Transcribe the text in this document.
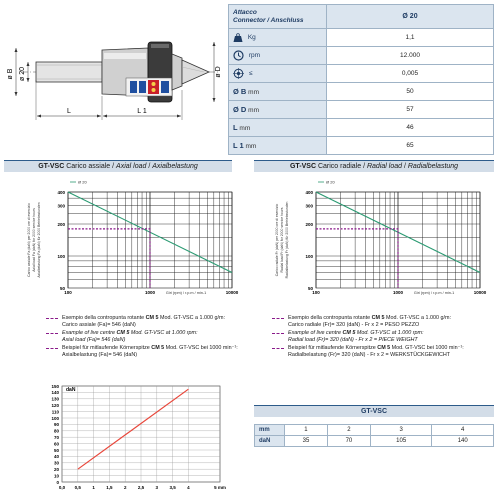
ø B ø 20	ø D
L	L 1
Attacco
Connector / Anschluss	Ø 20
Kg	1,1
rpm	12.000
≤	0,005
Ø B mm	50
Ø D mm	57
L mm	46
L 1 mm	65
GT-VSC Carico assiale / Axial load / Axialbelastung	GT-VSC Carico radiale / Radial load / Radialbelastung
50
100
200
300
400
100	1000	10000
Giri (rpm) / r.p.m / min-1
Carico assiale Fa (daN) per 2000 ore di esercizio Axial load Fa (daN) for 2000 service hours Axialbelastung Fa (daN) für 2000 Betriebsstunden
Ø 20
50
100
200
300
400
100	1000	10000
Giri (rpm) / r.p.m / min-1
Carico radiale Fr (daN) per 2000 ore di esercizio Radial load Fr (daN) for 2000 service hours Radialbelastung Fr (daN) für 2000 Betriebsstunden
Ø 20
0
10
20
30
40
50
60
70
80
90
100
110
120
130
140
150
0,0 0,5	1	1,5	2	2,5	3	3,5	4	5 mm
daN
Esempio della contropunta rotante CM 5 Mod. GT-VSC a 1.000 g/m:
Carico assiale (Fa)= 546 (daN)
Example of live centre CM 5 Mod. GT-VSC at 1.000 rpm:
Axial load (Fa)= 546 (daN)
Beispiel für mitlaufende Körnerspitze CM 5 Mod. GT-VSC bei 1000 min⁻¹:
Axialbelastung (Fa)= 546 (daN)
Esempio della contropunta rotante CM 5 Mod. GT-VSC a 1.000 g/m:
Carico radiale (Fr)= 320 (daN) - Fr x 2 = PESO PEZZO
Example of live centre CM 5 Mod. GT-VSC at 1.000 rpm:
Radial load (Fr)= 320 (daN) - Fr x 2 = PIECE WEIGHT
Beispiel für mitlaufende Körnerspitze CM 5 Mod. GT-VSC bei 1000 min⁻¹:
Radialbelastung (Fr)= 320 (daN) - Fr x 2 = WERKSTÜCKGEWICHT
GT-VSC
mm	1	2	3	4
daN	35	70	105	140
